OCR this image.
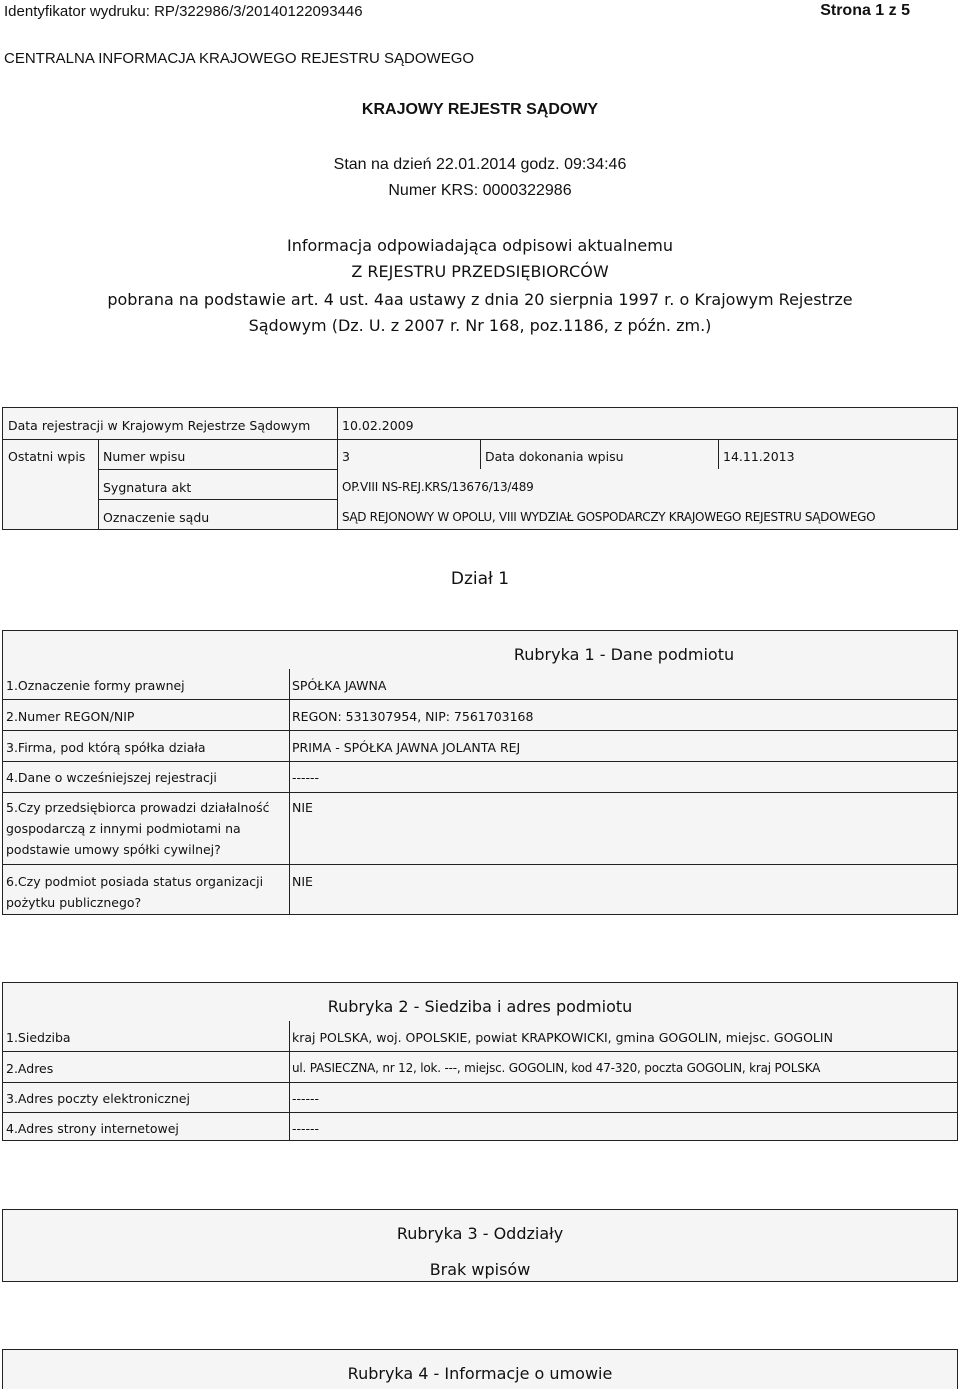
Identyfikator wydruku: RP/322986/3/20140122093446	Strona 1 z 5
CENTRALNA INFORMACJA KRAJOWEGO REJESTRU SĄDOWEGO
KRAJOWY REJESTR SĄDOWY
Stan na dzień 22.01.2014 godz. 09:34:46
Numer KRS: 0000322986
Informacja odpowiadająca odpisowi aktualnemu
Z REJESTRU PRZEDSIĘBIORCÓW
pobrana na podstawie art. 4 ust. 4aa ustawy z dnia 20 sierpnia 1997 r. o Krajowym Rejestrze
Sądowym (Dz. U. z 2007 r. Nr 168, poz.1186, z późn. zm.)
Data rejestracji w Krajowym Rejestrze Sądowym	10.02.2009
Ostatni wpis Numer wpisu	3	Data dokonania wpisu	14.11.2013
Sygnatura akt	OP.VIII NS-REJ.KRS/13676/13/489
Oznaczenie sądu	SĄD REJONOWY W OPOLU, VIII WYDZIAŁ GOSPODARCZY KRAJOWEGO REJESTRU SĄDOWEGO
Dział 1
Rubryka 1 - Dane podmiotu
1.Oznaczenie formy prawnej	SPÓŁKA JAWNA
2.Numer REGON/NIP	REGON: 531307954, NIP: 7561703168
3.Firma, pod którą spółka działa	PRIMA - SPÓŁKA JAWNA JOLANTA REJ
4.Dane o wcześniejszej rejestracji	------
5.Czy przedsiębiorca prowadzi działalność gospodarczą z innymi podmiotami na podstawie umowy spółki cywilnej?
NIE
6.Czy podmiot posiada status organizacji pożytku publicznego?
NIE
Rubryka 2 - Siedziba i adres podmiotu
1.Siedziba	kraj POLSKA, woj. OPOLSKIE, powiat KRAPKOWICKI, gmina GOGOLIN, miejsc. GOGOLIN
2.Adres	ul. PASIECZNA, nr 12, lok. ---, miejsc. GOGOLIN, kod 47-320, poczta GOGOLIN, kraj POLSKA
3.Adres poczty elektronicznej	------
4.Adres strony internetowej	------
Rubryka 3 - Oddziały
Brak wpisów
Rubryka 4 - Informacje o umowie
